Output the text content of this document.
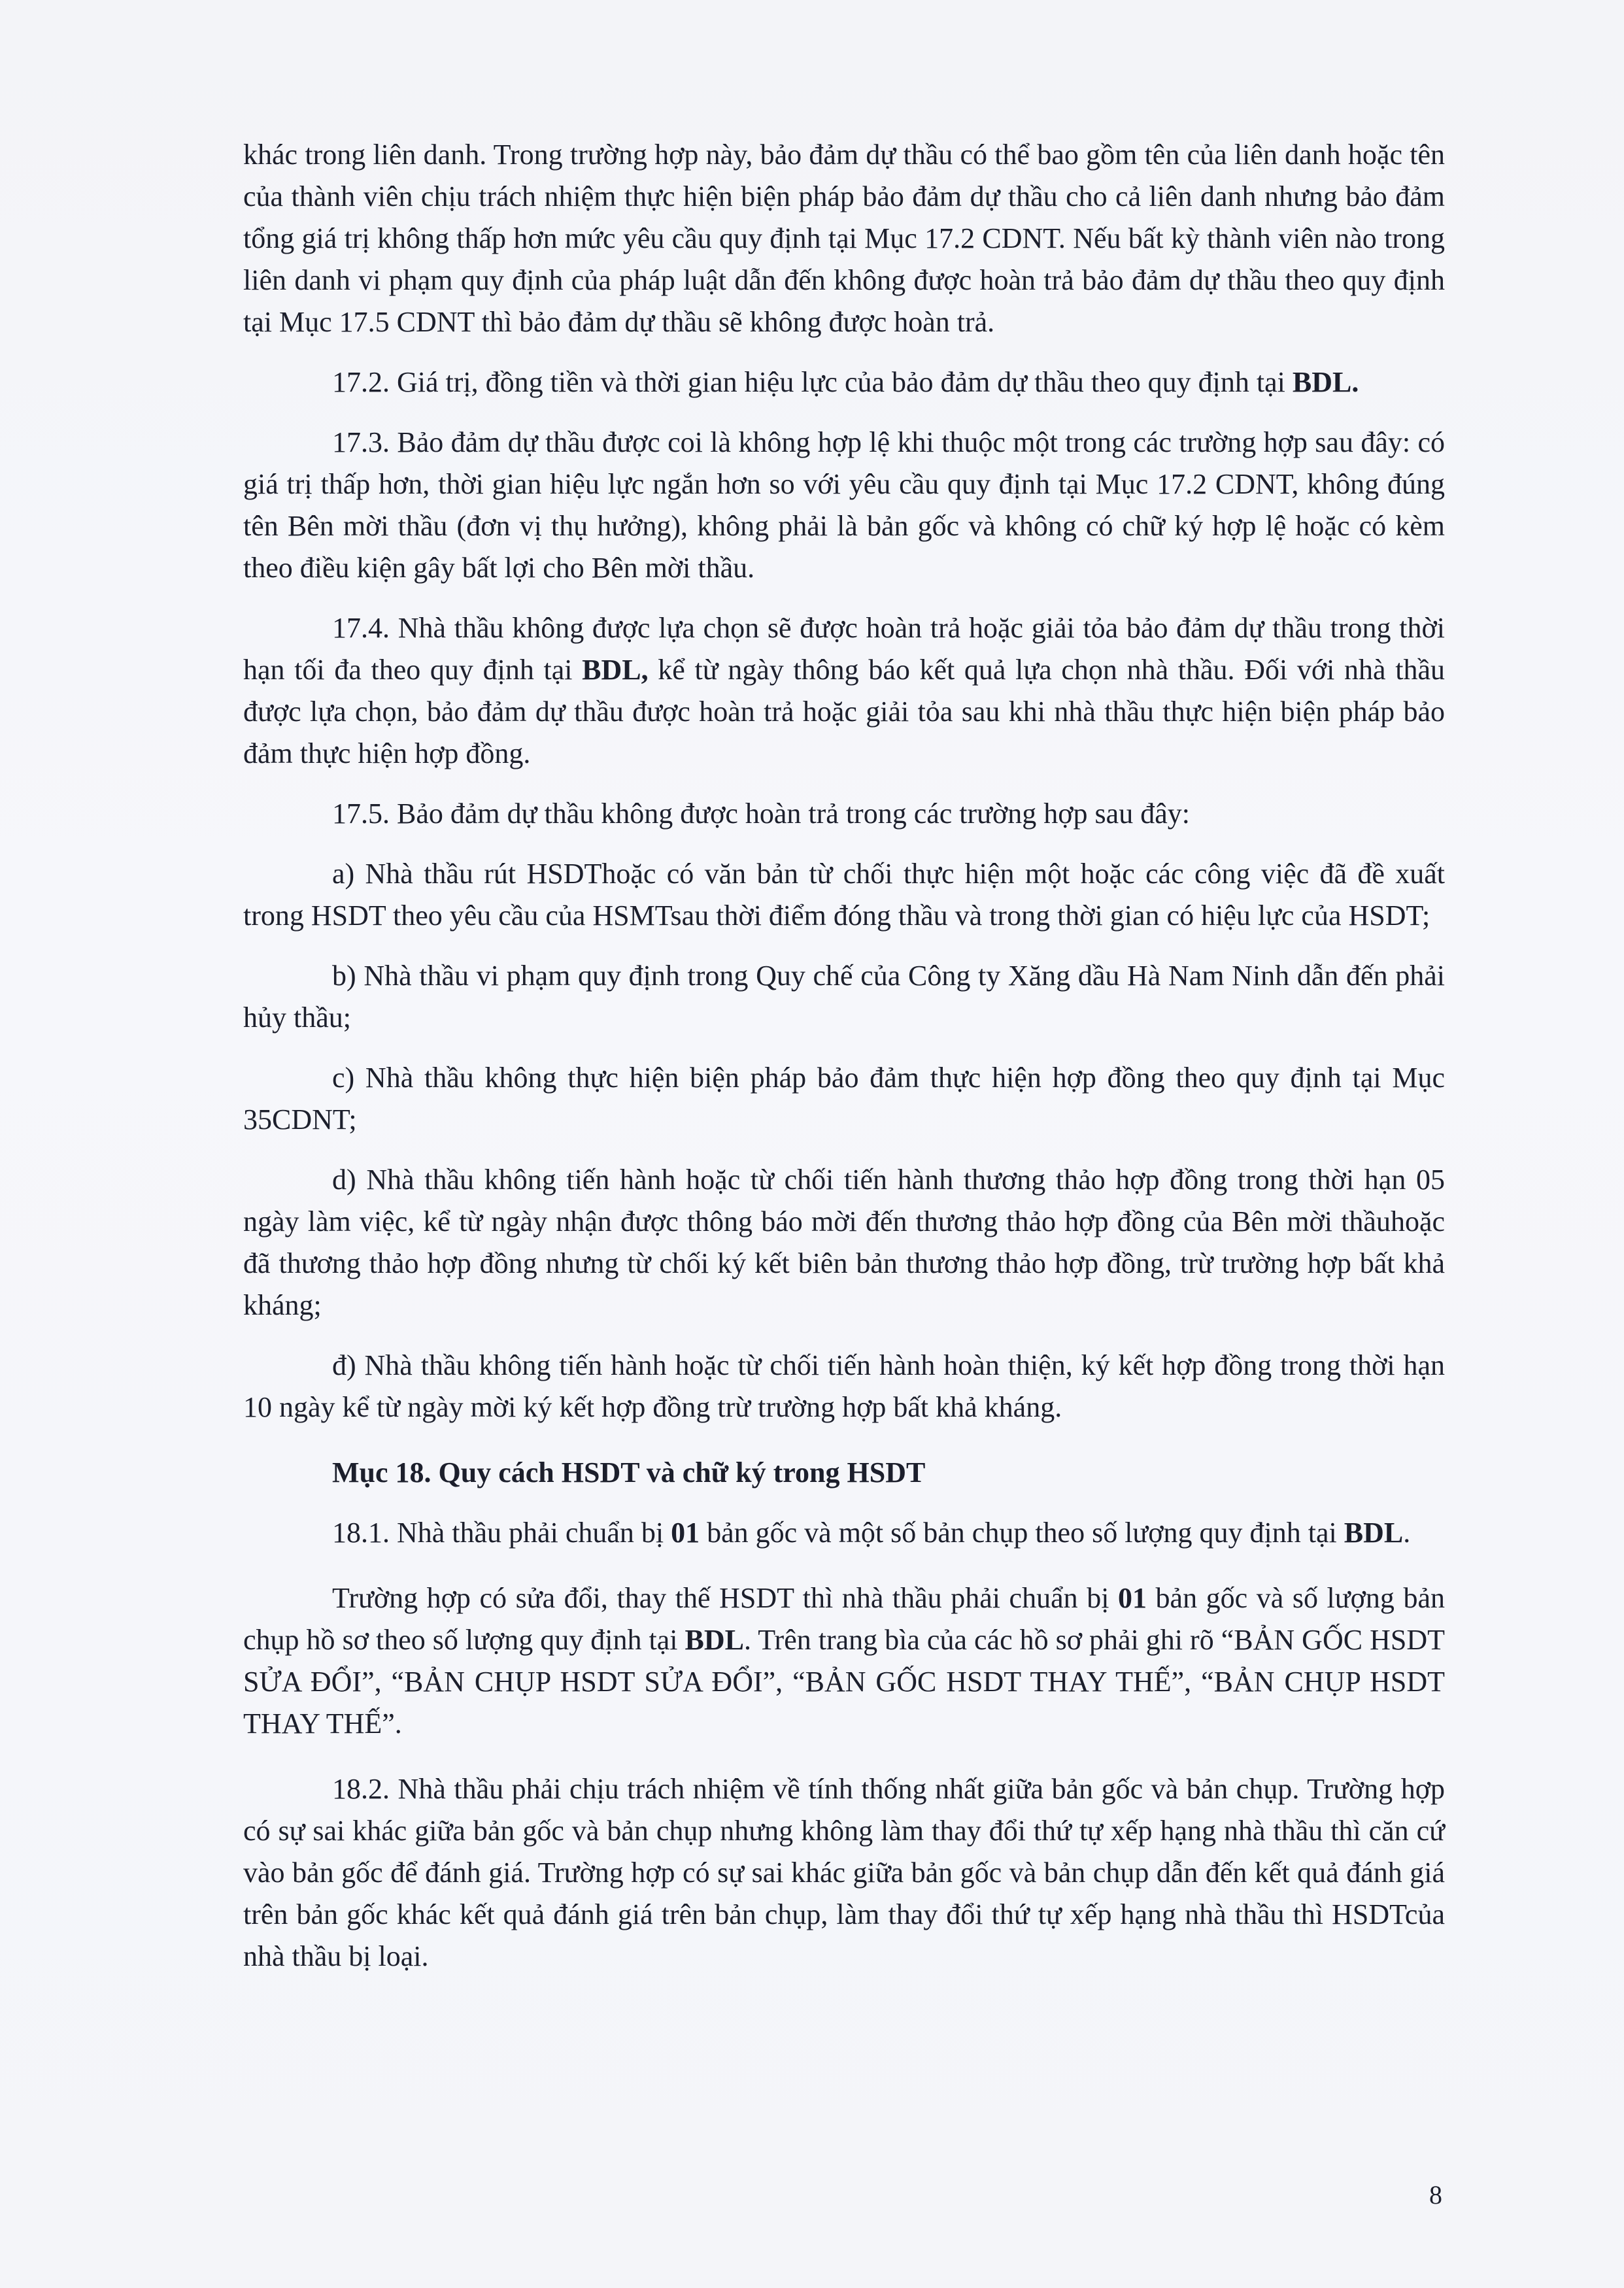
khác trong liên danh. Trong trường hợp này, bảo đảm dự thầu có thể bao gồm tên của liên danh hoặc tên của thành viên chịu trách nhiệm thực hiện biện pháp bảo đảm dự thầu cho cả liên danh nhưng bảo đảm tổng giá trị không thấp hơn mức yêu cầu quy định tại Mục 17.2 CDNT. Nếu bất kỳ thành viên nào trong liên danh vi phạm quy định của pháp luật dẫn đến không được hoàn trả bảo đảm dự thầu theo quy định tại Mục 17.5 CDNT thì bảo đảm dự thầu sẽ không được hoàn trả.

17.2. Giá trị, đồng tiền và thời gian hiệu lực của bảo đảm dự thầu theo quy định tại BDL.

17.3. Bảo đảm dự thầu được coi là không hợp lệ khi thuộc một trong các trường hợp sau đây: có giá trị thấp hơn, thời gian hiệu lực ngắn hơn so với yêu cầu quy định tại Mục 17.2 CDNT, không đúng tên Bên mời thầu (đơn vị thụ hưởng), không phải là bản gốc và không có chữ ký hợp lệ hoặc có kèm theo điều kiện gây bất lợi cho Bên mời thầu.

17.4. Nhà thầu không được lựa chọn sẽ được hoàn trả hoặc giải tỏa bảo đảm dự thầu trong thời hạn tối đa theo quy định tại BDL, kể từ ngày thông báo kết quả lựa chọn nhà thầu. Đối với nhà thầu được lựa chọn, bảo đảm dự thầu được hoàn trả hoặc giải tỏa sau khi nhà thầu thực hiện biện pháp bảo đảm thực hiện hợp đồng.

17.5. Bảo đảm dự thầu không được hoàn trả trong các trường hợp sau đây:

a) Nhà thầu rút HSDThoặc có văn bản từ chối thực hiện một hoặc các công việc đã đề xuất trong HSDT theo yêu cầu của HSMTsau thời điểm đóng thầu và trong thời gian có hiệu lực của HSDT;

b) Nhà thầu vi phạm quy định trong Quy chế của Công ty Xăng dầu Hà Nam Ninh dẫn đến phải hủy thầu;

c) Nhà thầu không thực hiện biện pháp bảo đảm thực hiện hợp đồng theo quy định tại Mục 35CDNT;

d) Nhà thầu không tiến hành hoặc từ chối tiến hành thương thảo hợp đồng trong thời hạn 05 ngày làm việc, kể từ ngày nhận được thông báo mời đến thương thảo hợp đồng của Bên mời thầuhoặc đã thương thảo hợp đồng nhưng từ chối ký kết biên bản thương thảo hợp đồng, trừ trường hợp bất khả kháng;

đ) Nhà thầu không tiến hành hoặc từ chối tiến hành hoàn thiện, ký kết hợp đồng trong thời hạn 10 ngày kể từ ngày mời ký kết hợp đồng trừ trường hợp bất khả kháng.

Mục 18. Quy cách HSDT và chữ ký trong HSDT

18.1. Nhà thầu phải chuẩn bị 01 bản gốc và một số bản chụp theo số lượng quy định tại BDL.

Trường hợp có sửa đổi, thay thế HSDT thì nhà thầu phải chuẩn bị 01 bản gốc và số lượng bản chụp hồ sơ theo số lượng quy định tại BDL. Trên trang bìa của các hồ sơ phải ghi rõ “BẢN GỐC HSDT SỬA ĐỔI”, “BẢN CHỤP HSDT SỬA ĐỔI”, “BẢN GỐC HSDT THAY THẾ”, “BẢN CHỤP HSDT THAY THẾ”.

18.2. Nhà thầu phải chịu trách nhiệm về tính thống nhất giữa bản gốc và bản chụp. Trường hợp có sự sai khác giữa bản gốc và bản chụp nhưng không làm thay đổi thứ tự xếp hạng nhà thầu thì căn cứ vào bản gốc để đánh giá. Trường hợp có sự sai khác giữa bản gốc và bản chụp dẫn đến kết quả đánh giá trên bản gốc khác kết quả đánh giá trên bản chụp, làm thay đổi thứ tự xếp hạng nhà thầu thì HSDTcủa nhà thầu bị loại.

8
